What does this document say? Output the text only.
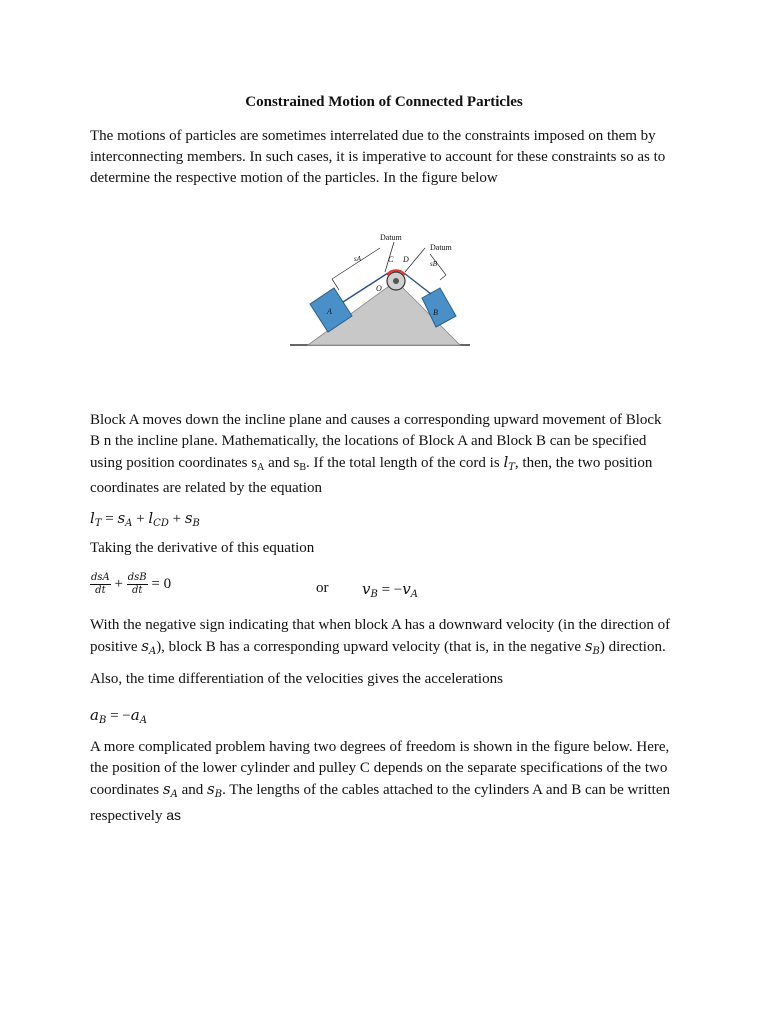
Constrained Motion of Connected Particles
The motions of particles are sometimes interrelated due to the constraints imposed on them by
interconnecting members. In such cases, it is imperative to account for these constraints so as to
determine the respective motion of the particles. In the figure below
Datum
Datum
sA
sB
C D
O
A	B
Block A moves down the incline plane and causes a corresponding upward movement of Block
B n the incline plane. Mathematically, the locations of Block A and Block B can be specified
using position coordinates $s_A$ and $s_B$. If the total length of the cord is $l_T$, then, the two position
coordinates are related by the equation
$l_T = s_A + l_{CD} + s_B$
Taking the derivative of this equation
$\frac{\text{dsA}}{dt} + \frac{\text{dsB}}{dt} = 0$	or $v_B = -v_A$
With the negative sign indicating that when block A has a downward velocity (in the direction of
positive $s_A$), block B has a corresponding upward velocity (that is, in the negative $s_B$) direction.
Also, the time differentiation of the velocities gives the accelerations
$a_B = -a_A$
A more complicated problem having two degrees of freedom is shown in the figure below. Here,
the position of the lower cylinder and pulley C depends on the separate specifications of the two
coordinates $s_A$ and $s_B$. The lengths of the cables attached to the cylinders A and B can be written
respectively as
